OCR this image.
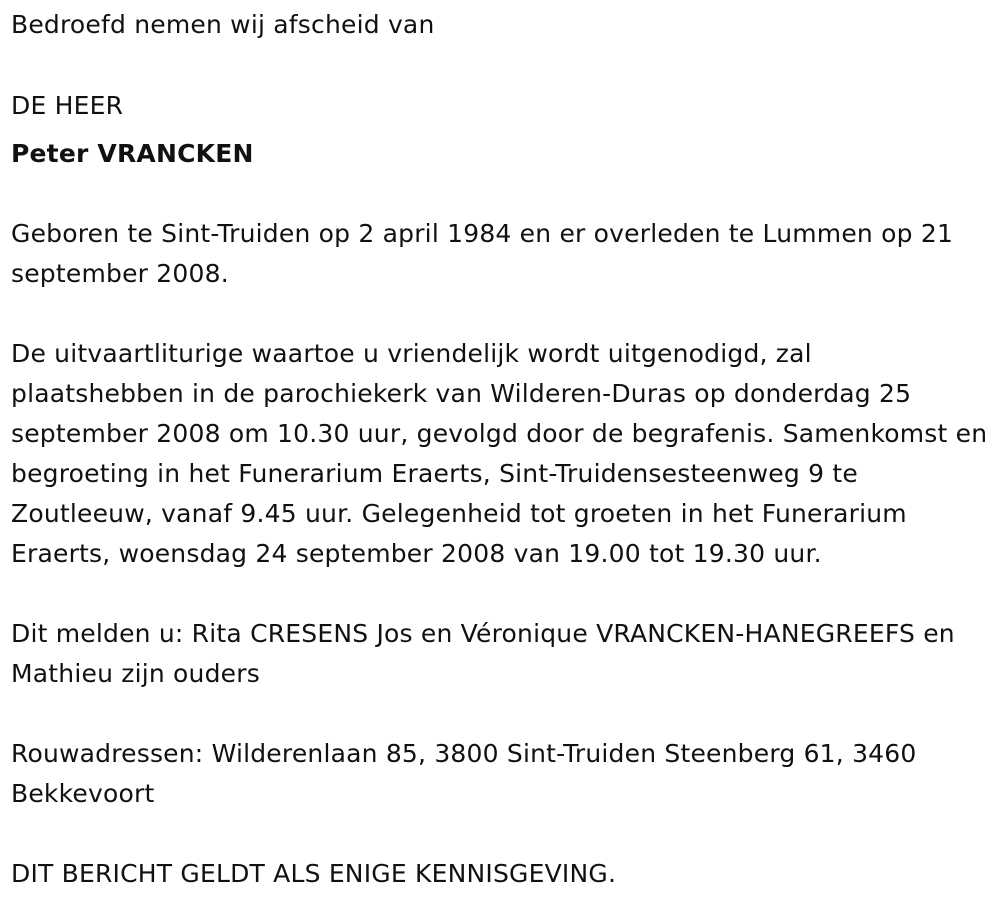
Bedroefd nemen wij afscheid van

DE HEER

Peter VRANCKEN

Geboren te Sint-Truiden op 2 april 1984 en er overleden te Lummen op 21 september 2008.

De uitvaartliturige waartoe u vriendelijk wordt uitgenodigd, zal plaatshebben in de parochiekerk van Wilderen-Duras op donderdag 25 september 2008 om 10.30 uur, gevolgd door de begrafenis. Samenkomst en begroeting in het Funerarium Eraerts, Sint-Truidensesteenweg 9 te Zoutleeuw, vanaf 9.45 uur. Gelegenheid tot groeten in het Funerarium Eraerts, woensdag 24 september 2008 van 19.00 tot 19.30 uur.

Dit melden u: Rita CRESENS Jos en Véronique VRANCKEN-HANEGREEFS en Mathieu zijn ouders

Rouwadressen: Wilderenlaan 85, 3800 Sint-Truiden Steenberg 61, 3460 Bekkevoort

DIT BERICHT GELDT ALS ENIGE KENNISGEVING.
